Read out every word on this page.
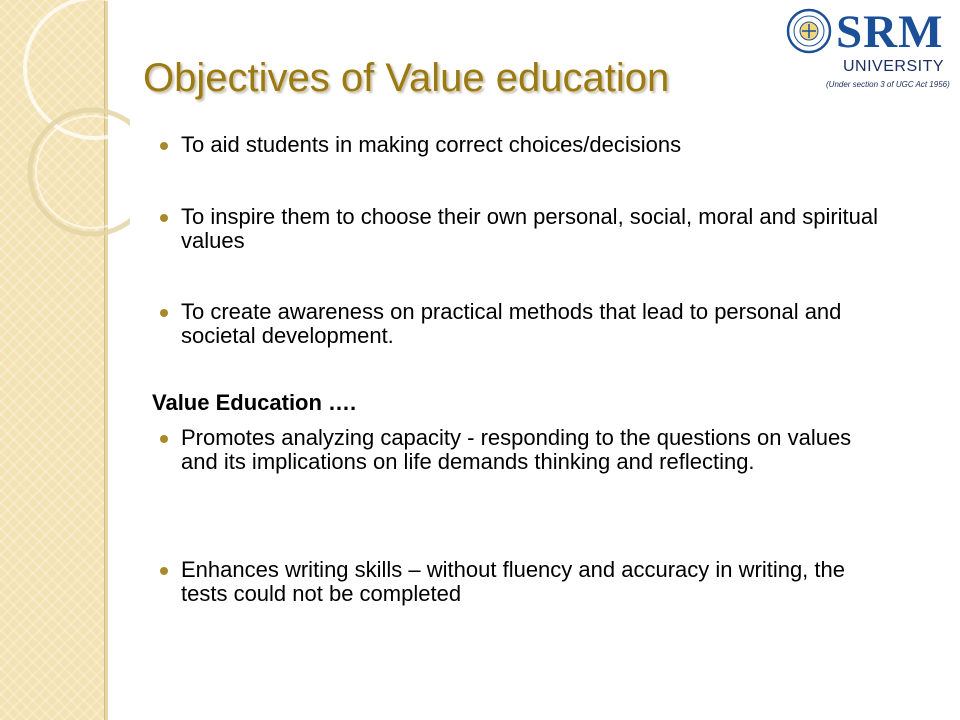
Objectives of Value education
SRM
UNIVERSITY
(Under section 3 of UGC Act 1956)
To aid students in making correct choices/decisions
To inspire them to choose their own personal, social, moral and spiritual values
To create awareness on practical methods that lead to personal and societal development.
Value Education ….
Promotes analyzing capacity - responding to the questions on values and its implications on life demands thinking and reflecting.
Enhances writing skills – without fluency and accuracy in writing, the tests could not be completed
